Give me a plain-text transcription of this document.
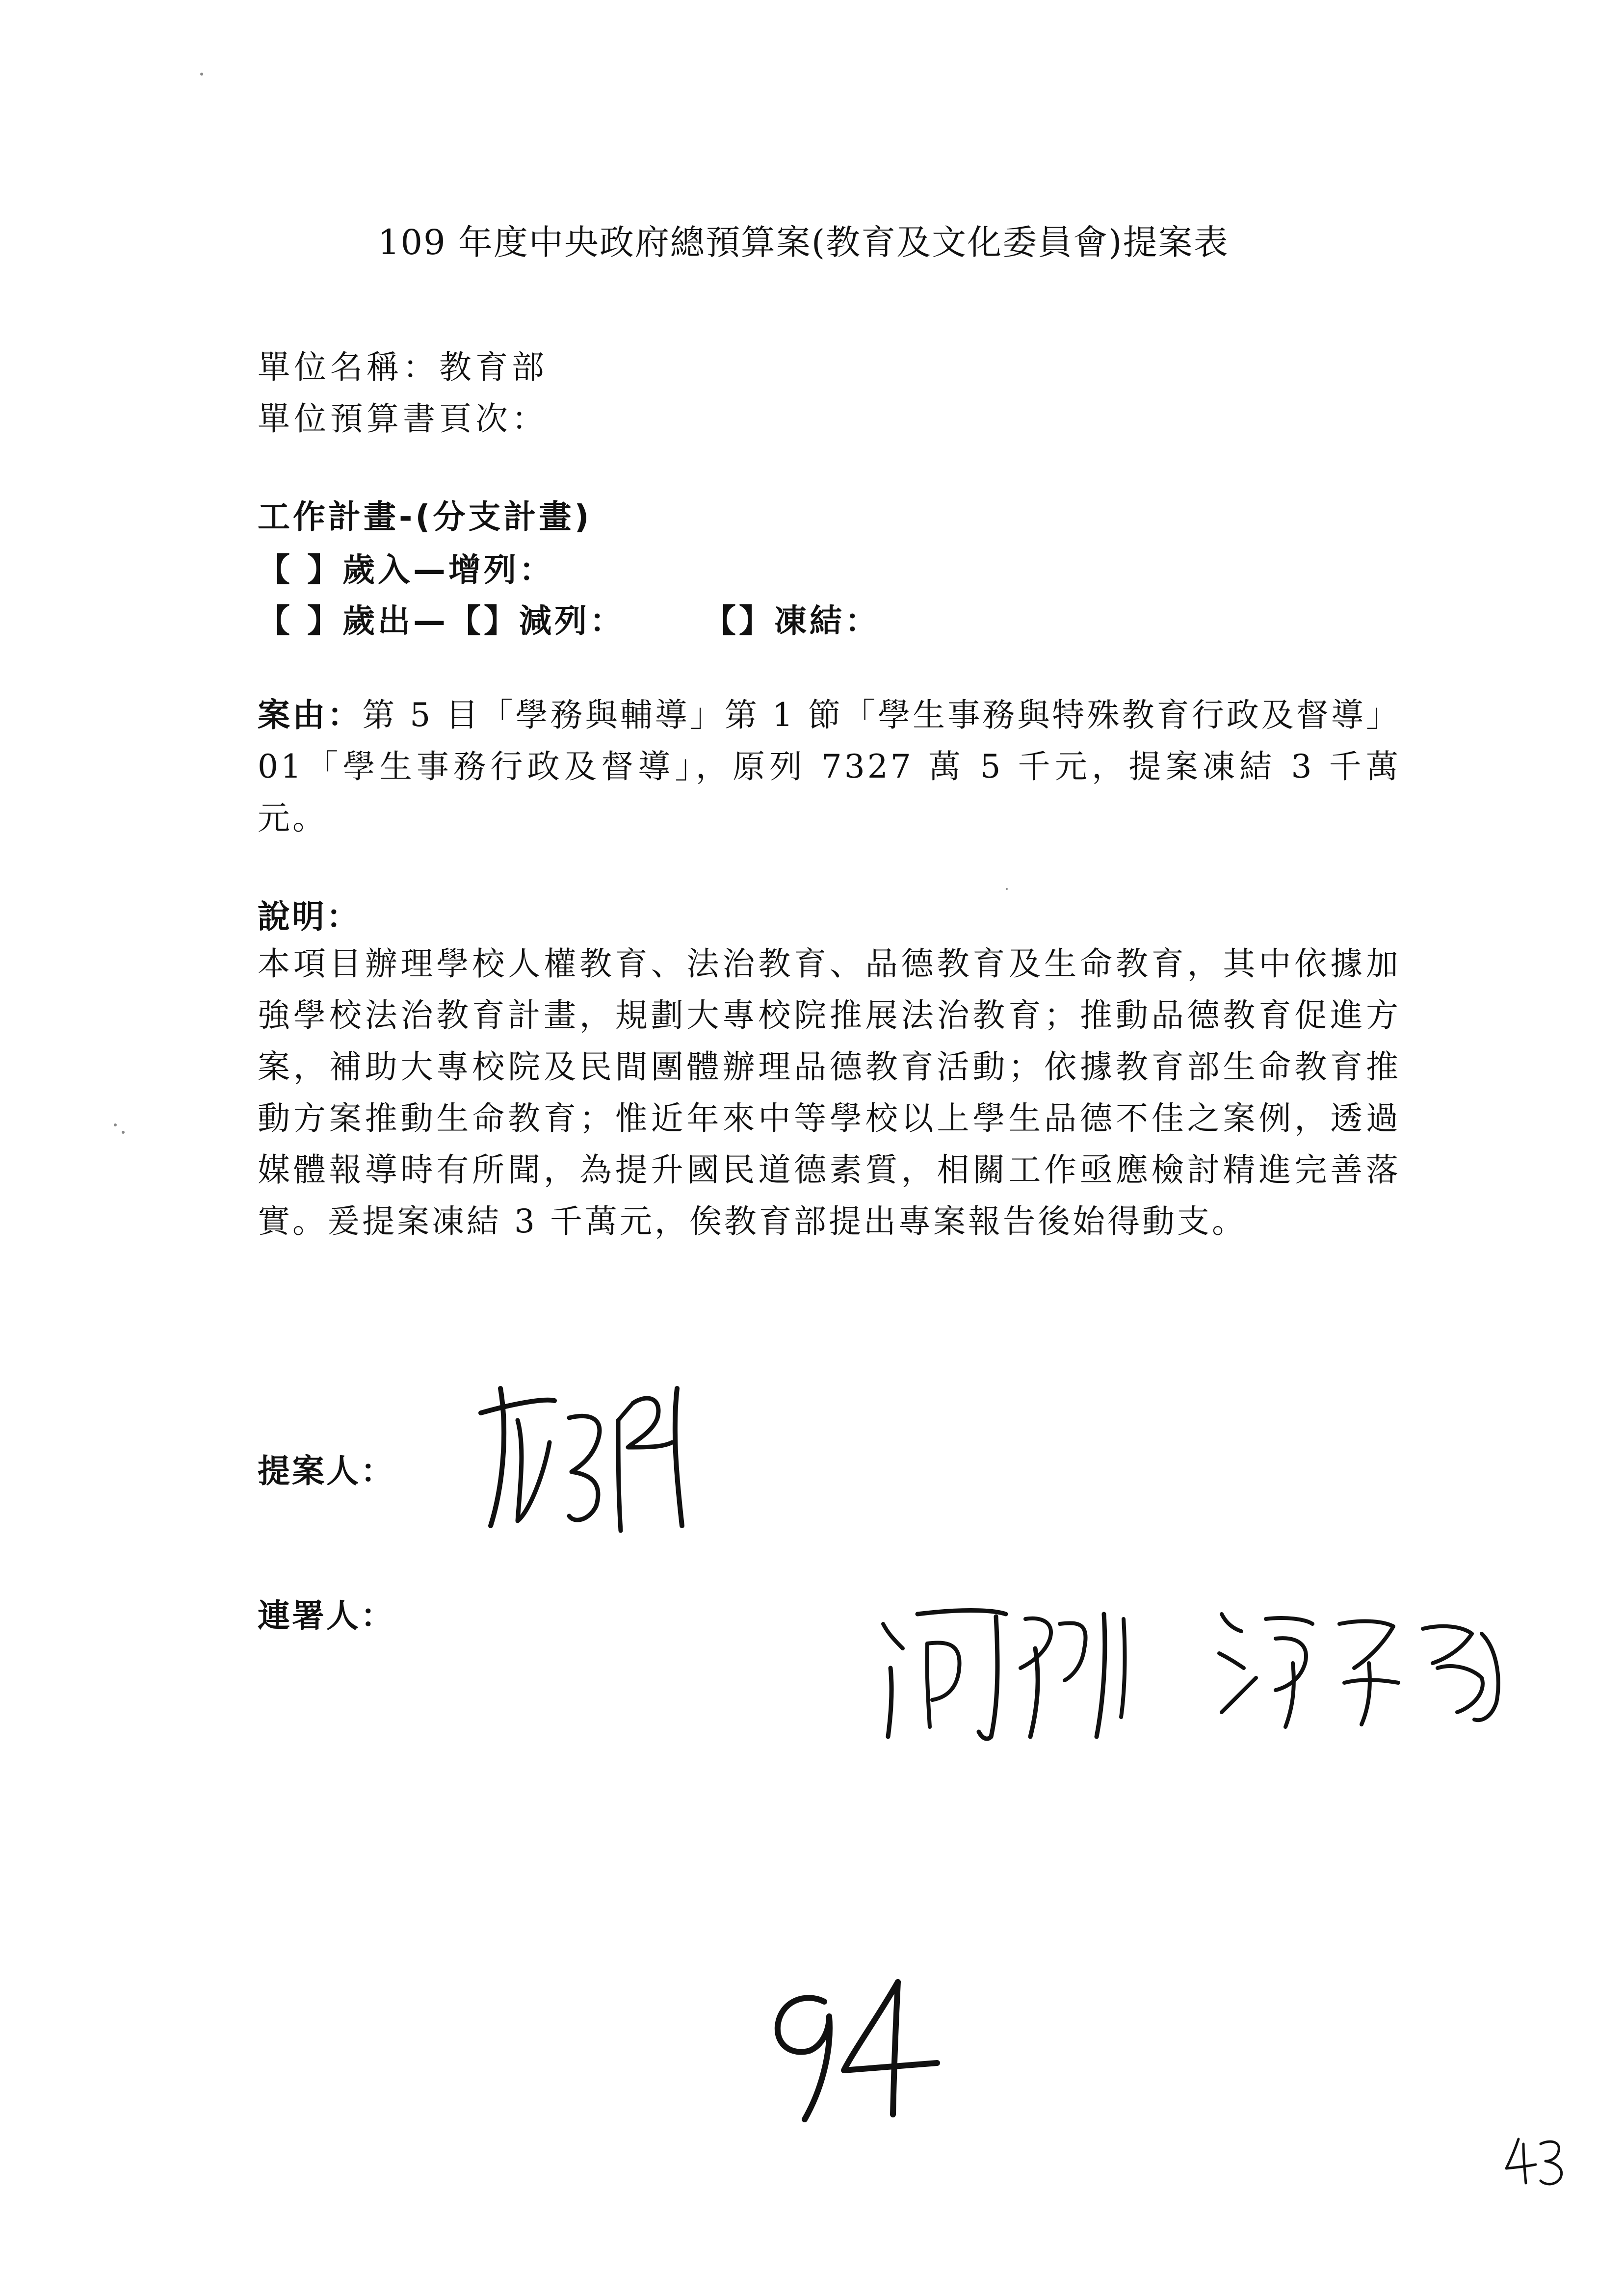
109 年度中央政府總預算案(教育及文化委員會)提案表
單位名稱：教育部
單位預算書頁次：
工作計畫-(分支計畫)
【 】歲入—增列：
【 】歲出—【】減列： 【】凍結：
案由：第 5 目「學務與輔導」第 1 節「學生事務與特殊教育行政及督導」01「學生事務行政及督導」，原列 7327 萬 5 千元，提案凍結 3 千萬元。
說明：
本項目辦理學校人權教育、法治教育、品德教育及生命教育，其中依據加強學校法治教育計畫，規劃大專校院推展法治教育；推動品德教育促進方案，補助大專校院及民間團體辦理品德教育活動；依據教育部生命教育推動方案推動生命教育；惟近年來中等學校以上學生品德不佳之案例，透過媒體報導時有所聞，為提升國民道德素質，相關工作亟應檢討精進完善落實。爰提案凍結 3 千萬元，俟教育部提出專案報告後始得動支。
提案人：
連署人：
